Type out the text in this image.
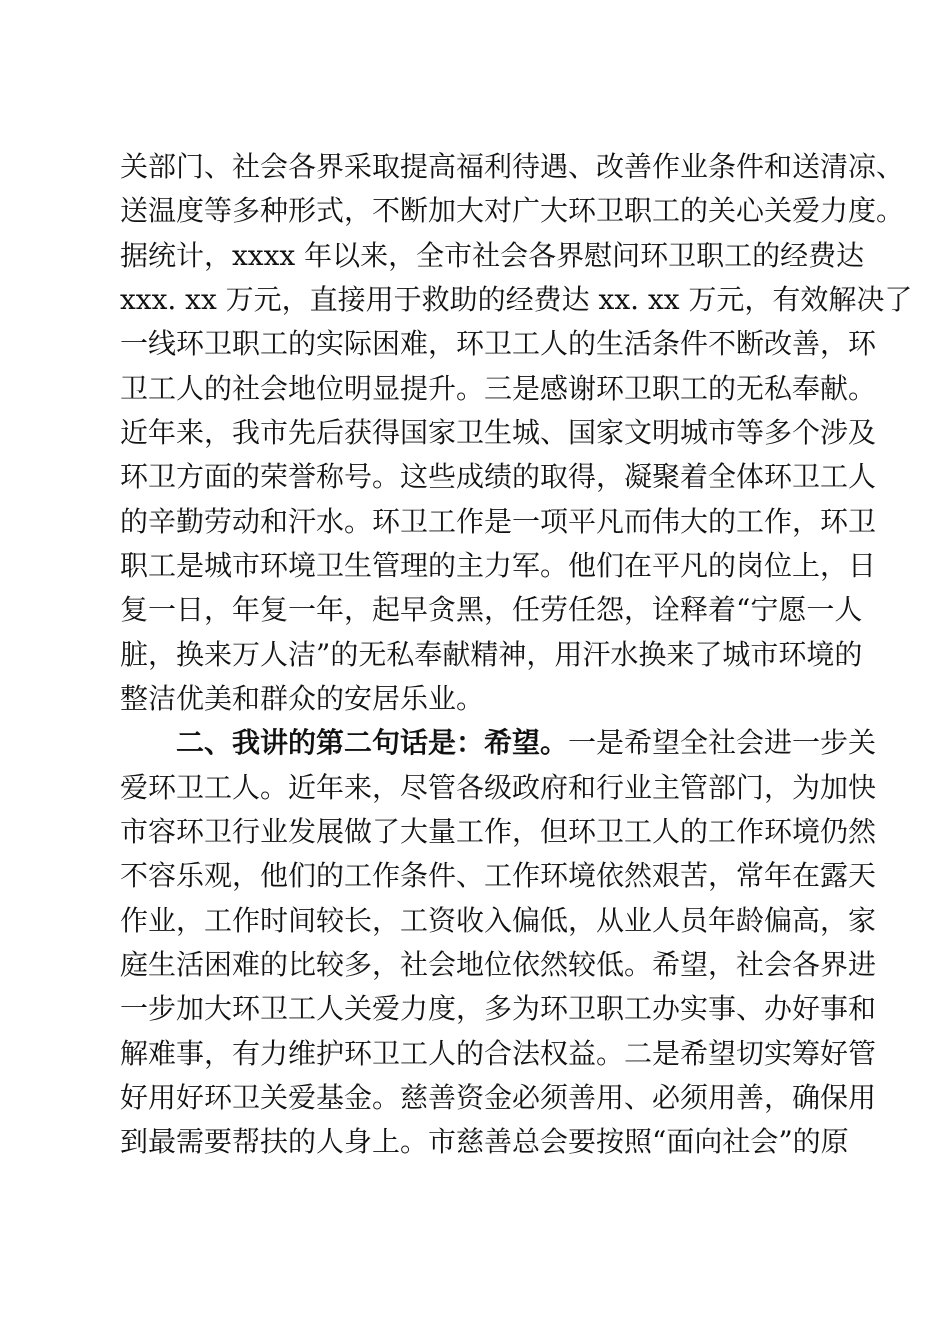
关部门、社会各界采取提高福利待遇、改善作业条件和送清凉、
送温度等多种形式，不断加大对广大环卫职工的关心关爱力度。
据统计，xxxx 年以来，全市社会各界慰问环卫职工的经费达
xxx. xx 万元，直接用于救助的经费达 xx. xx 万元，有效解决了
一线环卫职工的实际困难，环卫工人的生活条件不断改善，环
卫工人的社会地位明显提升。三是感谢环卫职工的无私奉献。
近年来，我市先后获得国家卫生城、国家文明城市等多个涉及
环卫方面的荣誉称号。这些成绩的取得，凝聚着全体环卫工人
的辛勤劳动和汗水。环卫工作是一项平凡而伟大的工作，环卫
职工是城市环境卫生管理的主力军。他们在平凡的岗位上，日
复一日，年复一年，起早贪黑，任劳任怨，诠释着“宁愿一人
脏，换来万人洁”的无私奉献精神，用汗水换来了城市环境的
整洁优美和群众的安居乐业。
二、我讲的第二句话是：希望。一是希望全社会进一步关
爱环卫工人。近年来，尽管各级政府和行业主管部门，为加快
市容环卫行业发展做了大量工作，但环卫工人的工作环境仍然
不容乐观，他们的工作条件、工作环境依然艰苦，常年在露天
作业，工作时间较长，工资收入偏低，从业人员年龄偏高，家
庭生活困难的比较多，社会地位依然较低。希望，社会各界进
一步加大环卫工人关爱力度，多为环卫职工办实事、办好事和
解难事，有力维护环卫工人的合法权益。二是希望切实筹好管
好用好环卫关爱基金。慈善资金必须善用、必须用善，确保用
到最需要帮扶的人身上。市慈善总会要按照“面向社会”的原
